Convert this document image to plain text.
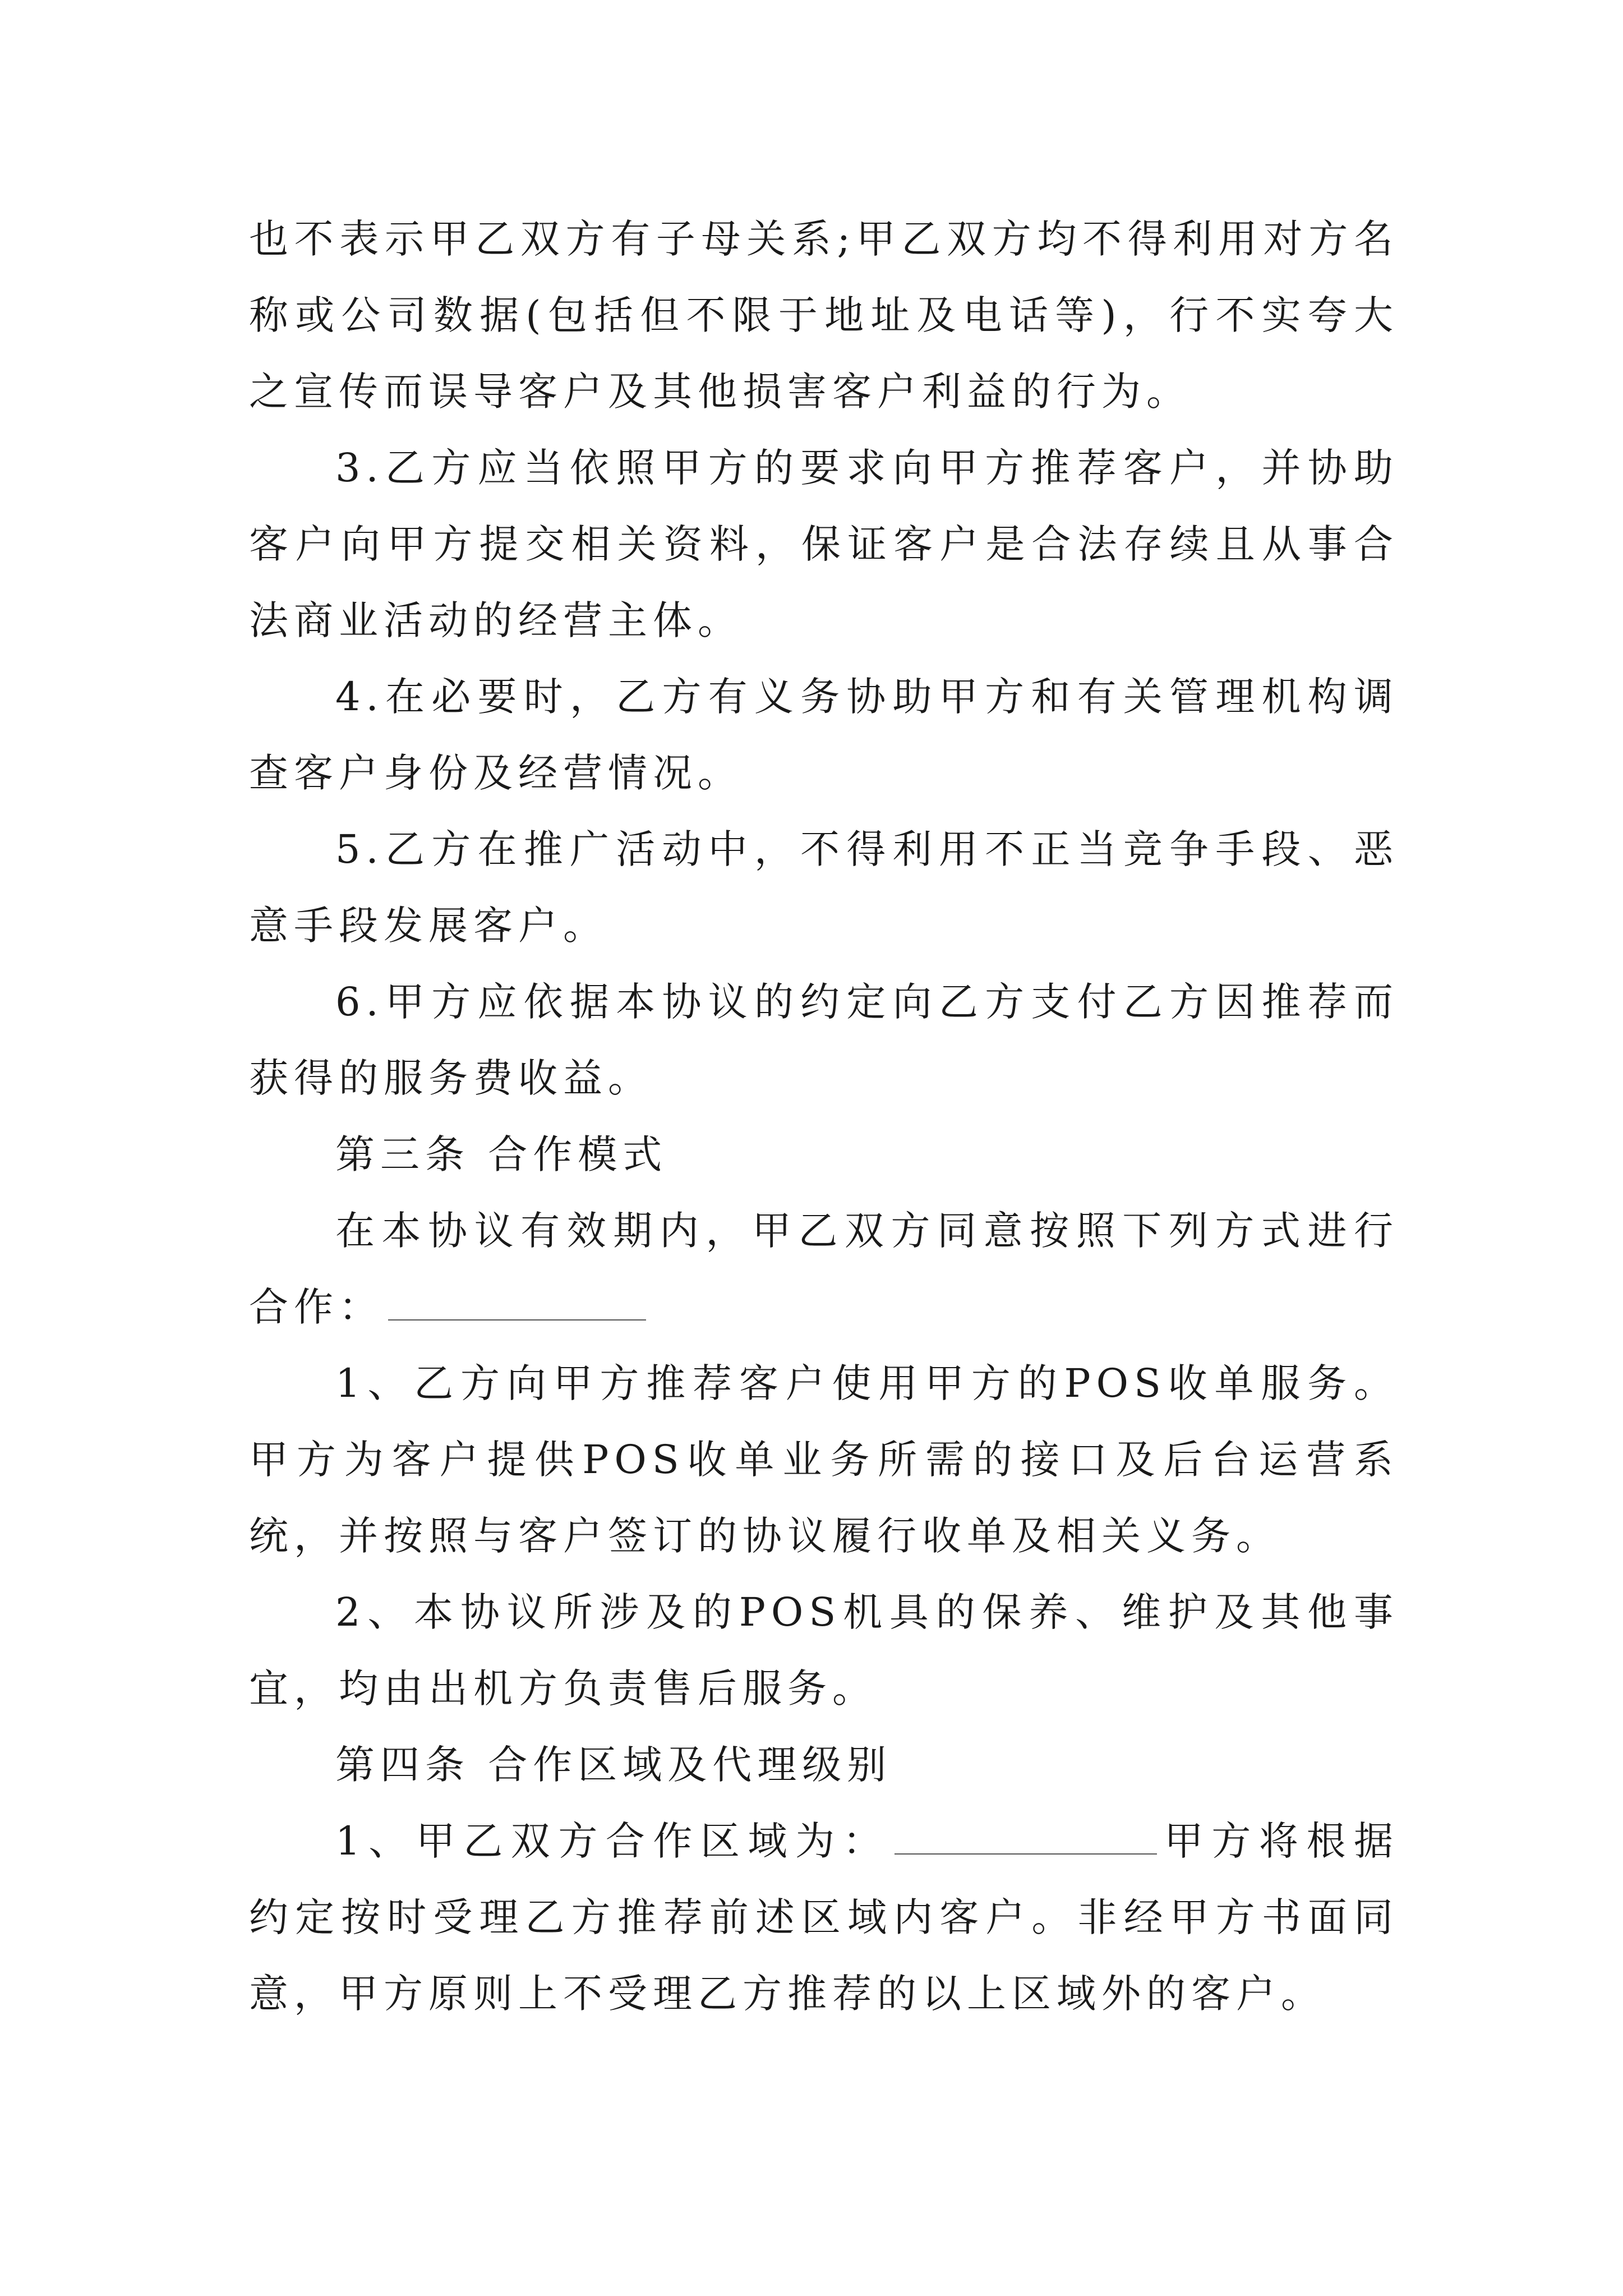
也不表示甲乙双方有子母关系;甲乙双方均不得利用对方名称或公司数据(包括但不限于地址及电话等)，行不实夸大之宣传而误导客户及其他损害客户利益的行为。

3.乙方应当依照甲方的要求向甲方推荐客户，并协助客户向甲方提交相关资料，保证客户是合法存续且从事合法商业活动的经营主体。

4.在必要时，乙方有义务协助甲方和有关管理机构调查客户身份及经营情况。

5.乙方在推广活动中，不得利用不正当竞争手段、恶意手段发展客户。

6.甲方应依据本协议的约定向乙方支付乙方因推荐而获得的服务费收益。

第三条 合作模式

在本协议有效期内，甲乙双方同意按照下列方式进行合作：

1、乙方向甲方推荐客户使用甲方的POS收单服务。甲方为客户提供POS收单业务所需的接口及后台运营系统，并按照与客户签订的协议履行收单及相关义务。

2、本协议所涉及的POS机具的保养、维护及其他事宜，均由出机方负责售后服务。

第四条 合作区域及代理级别

1、甲乙双方合作区域为：	甲方将根据约定按时受理乙方推荐前述区域内客户。非经甲方书面同意，甲方原则上不受理乙方推荐的以上区域外的客户。
